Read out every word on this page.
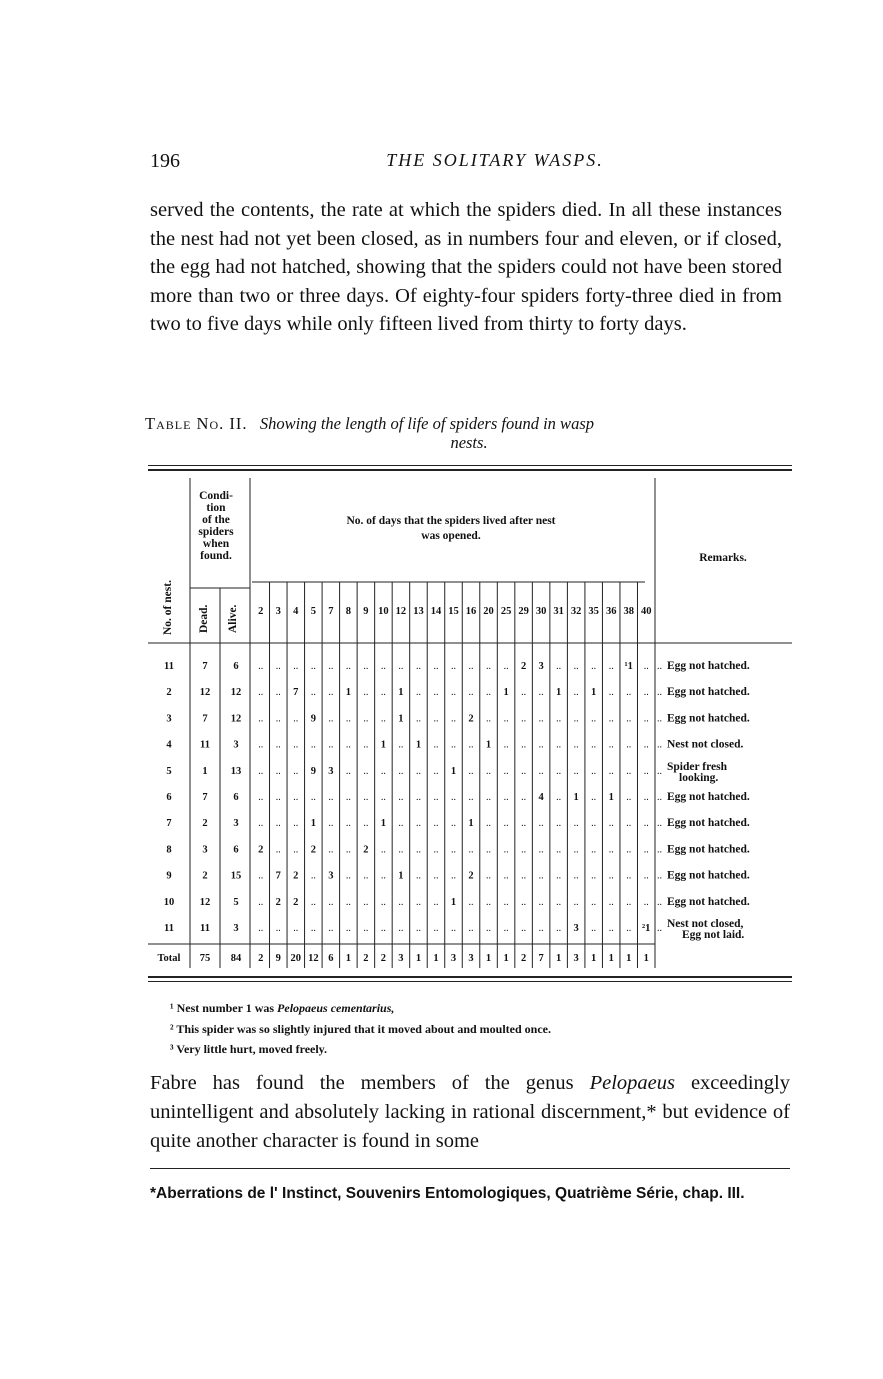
196	THE SOLITARY WASPS.

served the contents, the rate at which the spiders died. In all these instances the nest had not yet been closed, as in numbers four and eleven, or if closed, the egg had not hatched, showing that the spiders could not have been stored more than two or three days. Of eighty-four spiders forty-three died in from two to five days while only fifteen lived from thirty to forty days.

Table No. II. Showing the length of life of spiders found in wasp
nests.
No. of nest.
Condi-
tion
of the
spiders
when
found.
Dead. Alive.
No. of days that the spiders lived after nest
was opened.
Remarks.
2 3 4 5 7 8 9 10 12 13 14 15 16 20 25 29 30 31 32 35 36 38 40
11	7 6 .. .. .. .. .. .. .. .. .. .. .. .. .. .. .. 2 3 .. .. .. .. ¹1 .. .. Egg not hatched.
2	12 12 .. .. 7 .. .. 1 .. .. 1 .. .. .. .. .. 1 .. .. 1 .. 1 .. .. .. .. Egg not hatched.
3	7 12 .. .. .. 9 .. .. .. .. 1 .. .. .. 2 .. .. .. .. .. .. .. .. .. .. .. Egg not hatched.
4	11 3 .. .. .. .. .. .. .. 1 .. 1 .. .. .. 1 .. .. .. .. .. .. .. .. .. .. Nest not closed.
5	1 13 .. .. .. 9 3 .. .. .. .. .. .. 1 .. .. .. .. .. .. .. .. .. .. .. .. Spider fresh
looking.
6	7 6 .. .. .. .. .. .. .. .. .. .. .. .. .. .. .. .. 4 .. 1 .. 1 .. .. .. Egg not hatched.
7	2 3 .. .. .. 1 .. .. .. 1 .. .. .. .. 1 .. .. .. .. .. .. .. .. .. .. .. Egg not hatched.
8	3 6 2 .. .. 2 .. .. 2 .. .. .. .. .. .. .. .. .. .. .. .. .. .. .. .. .. Egg not hatched.
9	2 15 .. 7 2 .. 3 .. .. .. 1 .. .. .. 2 .. .. .. .. .. .. .. .. .. .. .. Egg not hatched.
10 12 5 .. 2 2 .. .. .. .. .. .. .. .. 1 .. .. .. .. .. .. .. .. .. .. .. .. Egg not hatched.
11 11 3 .. .. .. .. .. .. .. .. .. .. .. .. .. .. .. .. .. .. 3 .. .. .. ²1 .. Nest not closed,
Egg not laid.
Total 75 84 2 9 20 12 6 1 2 2 3 1 1 3 3 1 1 2 7 1 3 1 1 1 1
¹ Nest number 1 was Pelopaeus cementarius,
² This spider was so slightly injured that it moved about and moulted once.
³ Very little hurt, moved freely.

Fabre has found the members of the genus Pelopaeus exceedingly unintelligent and absolutely lacking in rational discernment,* but evidence of quite another character is found in some

*Aberrations de l' Instinct, Souvenirs Entomologiques, Quatrième Série, chap. III.
